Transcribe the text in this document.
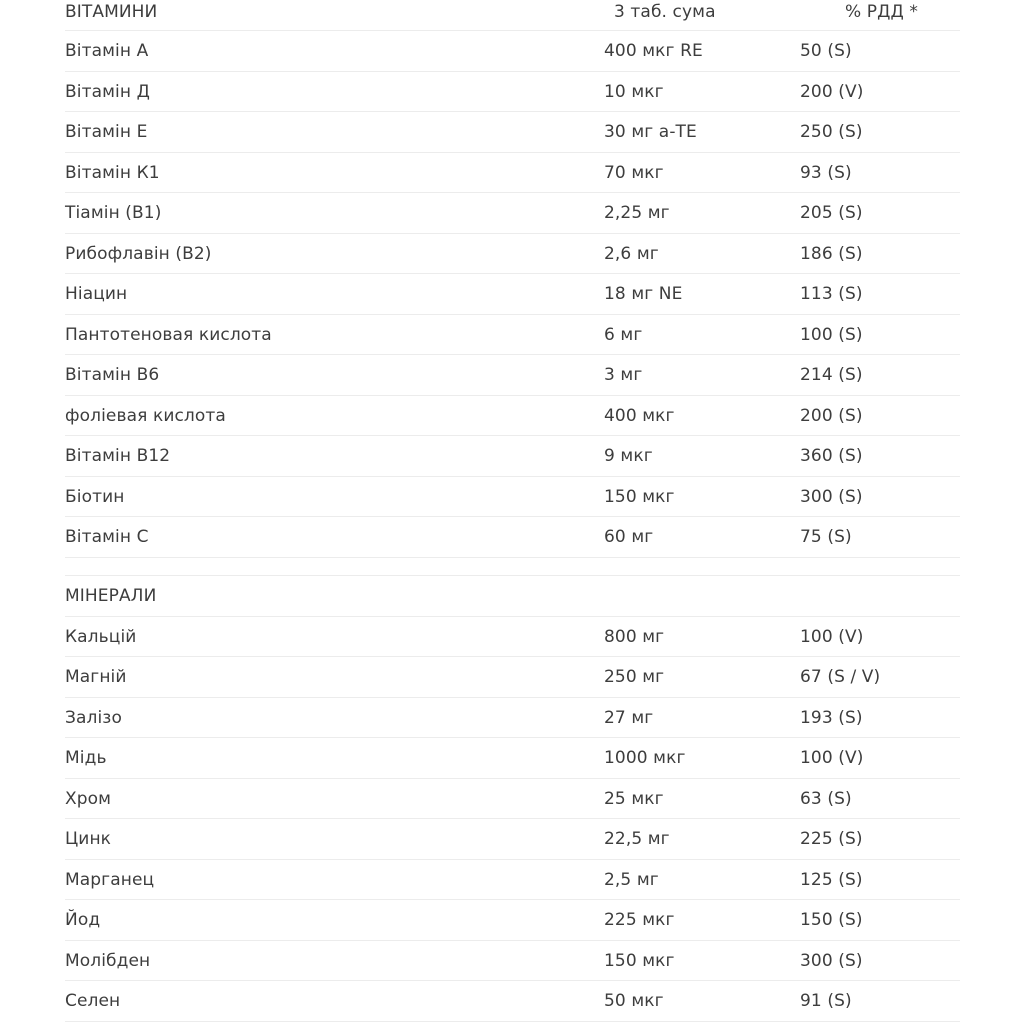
ВІТАМИНИ	3 таб. сума	% РДД *
Вітамін А	400 мкг RE	50 (S)
Вітамін Д	10 мкг	200 (V)
Вітамін Е	30 мг а-TE	250 (S)
Вітамін К1	70 мкг	93 (S)
Тіамін (В1)	2,25 мг	205 (S)
Рибофлавін (В2)	2,6 мг	186 (S)
Ніацин	18 мг NE	113 (S)
Пантотеновая кислота	6 мг	100 (S)
Вітамін В6	3 мг	214 (S)
фоліевая кислота	400 мкг	200 (S)
Вітамін В12	9 мкг	360 (S)
Біотин	150 мкг	300 (S)
Вітамін С	60 мг	75 (S)
МІНЕРАЛИ
Кальцій	800 мг	100 (V)
Магній	250 мг	67 (S / V)
Залізо	27 мг	193 (S)
Мідь	1000 мкг	100 (V)
Хром	25 мкг	63 (S)
Цинк	22,5 мг	225 (S)
Марганец	2,5 мг	125 (S)
Йод	225 мкг	150 (S)
Молібден	150 мкг	300 (S)
Селен	50 мкг	91 (S)
